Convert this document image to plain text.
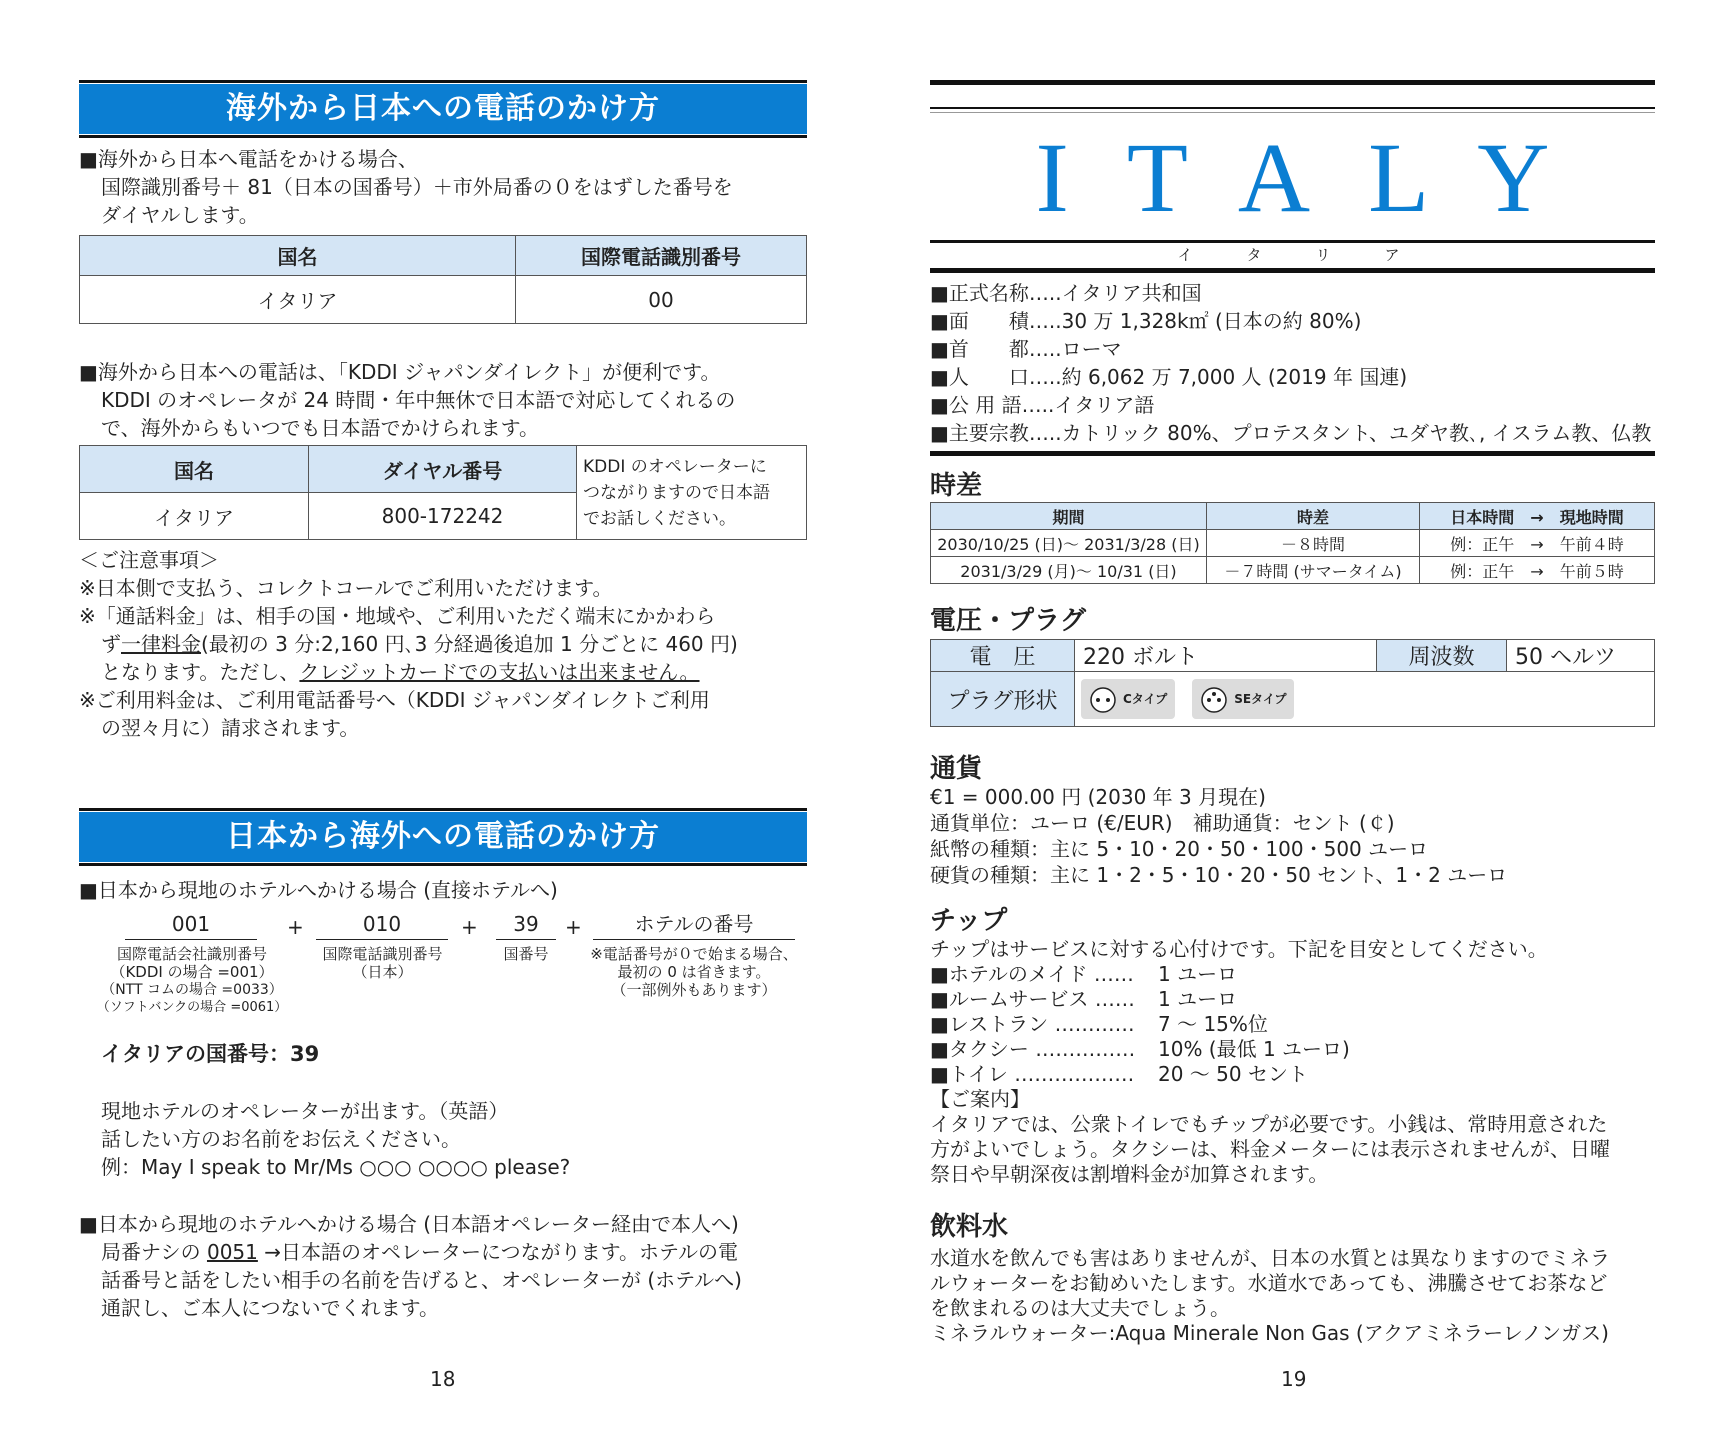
海外から日本への電話のかけ方
■海外から日本へ電話をかける場合、
国際識別番号＋ 81（日本の国番号）＋市外局番の０をはずした番号を
ダイヤルします。
国名	国際電話識別番号
イタリア	00
■海外から日本への電話は、「KDDI ジャパンダイレクト」が便利です。
KDDI のオペレータが 24 時間・年中無休で日本語で対応してくれるの
で、海外からもいつでも日本語でかけられます。
国名	ダイヤル番号	KDDI のオペレーターに
つながりますので日本語
でお話しください。

イタリア	800-172242	
＜ご注意事項＞
※日本側で支払う、コレクトコールでご利用いただけます。
※「通話料金」は、相手の国・地域や、ご利用いただく端末にかかわら
ず一律料金(最初の 3 分:2,160 円､3 分経過後追加 1 分ごとに 460 円)
となります。ただし、クレジットカードでの支払いは出来ません。
※ご利用料金は、ご利用電話番号へ（KDDI ジャパンダイレクトご利用
の翌々月に）請求されます。
日本から海外への電話のかけ方
■日本から現地のホテルへかける場合 (直接ホテルへ)
001	+	010	+	39	+	ホテルの番号
国際電話会社識別番号
（KDDI の場合 =001）
（NTT コムの場合 =0033）
（ソフトバンクの場合 =0061）
国際電話識別番号
（日本）
国番号	※電話番号が０で始まる場合、
最初の 0 は省きます。
（一部例外もあります）
イタリアの国番号：39
現地ホテルのオペレーターが出ます。（英語）
話したい方のお名前をお伝えください。
例：May I speak to Mr/Ms ○○○ ○○○○ please?
■日本から現地のホテルへかける場合 (日本語オペレーター経由で本人へ)
局番ナシの 0051 →日本語のオペレーターにつながります。ホテルの電
話番号と話をしたい相手の名前を告げると、オペレーターが (ホテルへ)
通訳し、ご本人につないでくれます。
18
ITALY
イ　　タ　　リ　　ア
■正式名称…..イタリア共和国
■面　　積…..30 万 1,328k㎡ (日本の約 80%)
■首　　都…..ローマ
■人　　口…..約 6,062 万 7,000 人 (2019 年 国連)
■公 用 語…..イタリア語
■主要宗教…..カトリック 80%、プロテスタント、ユダヤ教､, イスラム教、仏教
時差
期間	時差	日本時間　→　現地時間
2030/10/25 (日)～ 2031/3/28 (日)	－８時間	例：正午　→　午前４時
2031/3/29 (月)～ 10/31 (日)	－７時間 (サマータイム)	例：正午　→　午前５時
電圧・プラグ
電　圧	220 ボルト	周波数	50 ヘルツ
プラグ形状	Cタイプ SEタイプ		
通貨
€1 = 000.00 円 (2030 年 3 月現在)
通貨単位：ユーロ (€/EUR)　補助通貨：セント (￠)
紙幣の種類：主に 5・10・20・50・100・500 ユーロ
硬貨の種類：主に 1・2・5・10・20・50 セント、1・2 ユーロ
チップ
チップはサービスに対する心付けです。下記を目安としてください。
■ホテルのメイド …… 1 ユーロ
■ルームサービス …… 1 ユーロ
■レストラン ………… 7 ～ 15%位
■タクシー …………… 10% (最低 1 ユーロ)
■トイレ ……………… 20 ～ 50 セント
【ご案内】
イタリアでは、公衆トイレでもチップが必要です。小銭は、常時用意された
方がよいでしょう。タクシーは、料金メーターには表示されませんが、日曜
祭日や早朝深夜は割増料金が加算されます。
飲料水
水道水を飲んでも害はありませんが、日本の水質とは異なりますのでミネラ
ルウォーターをお勧めいたします。水道水であっても、沸騰させてお茶など
を飲まれるのは大丈夫でしょう。
ミネラルウォーター:Aqua Minerale Non Gas (アクアミネラーレノンガス)
19
